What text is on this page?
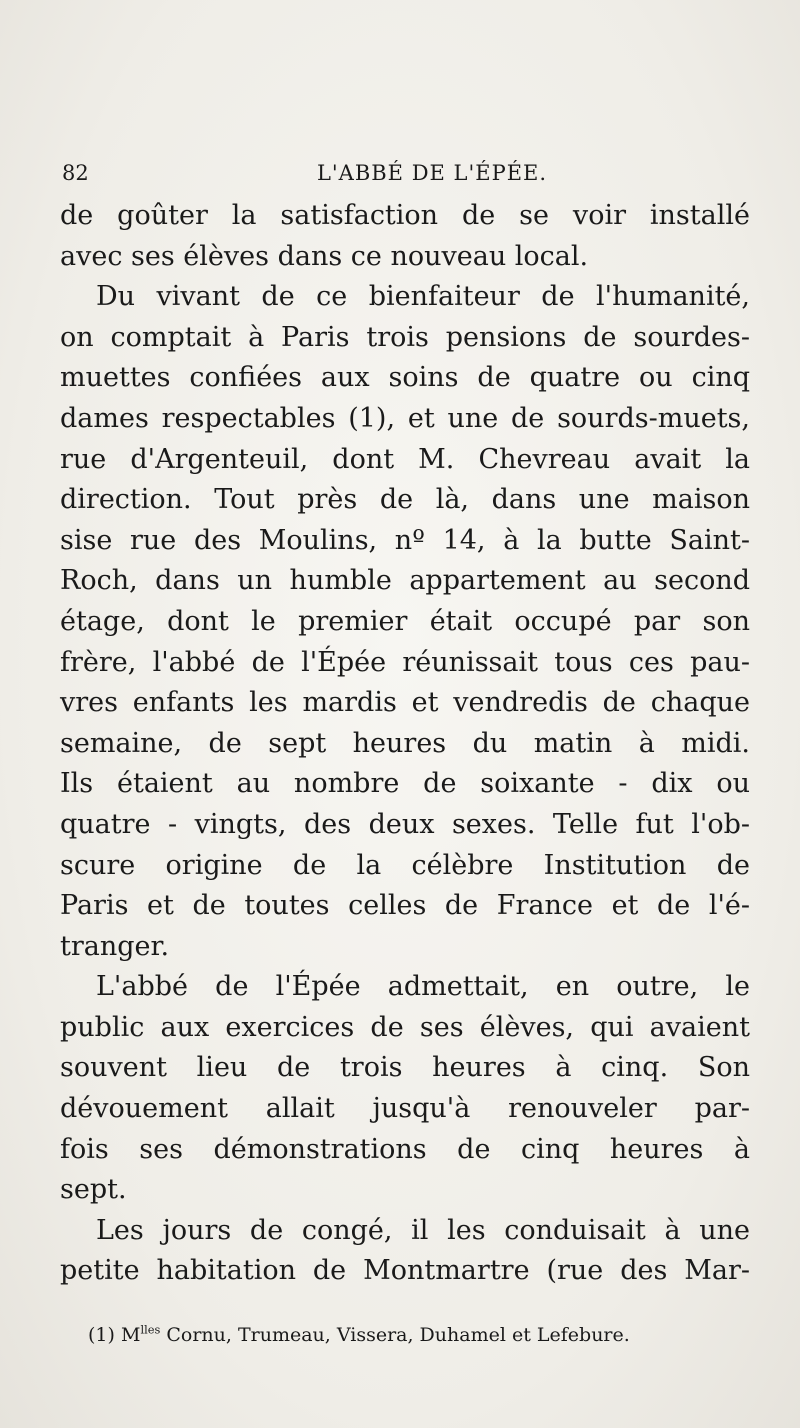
82	L'ABBÉ DE L'ÉPÉE.
de goûter la satisfaction de se voir installé
avec ses élèves dans ce nouveau local.
Du vivant de ce bienfaiteur de l'humanité,
on comptait à Paris trois pensions de sourdes-
muettes confiées aux soins de quatre ou cinq
dames respectables (1), et une de sourds-muets,
rue d'Argenteuil, dont M. Chevreau avait la
direction. Tout près de là, dans une maison
sise rue des Moulins, nº 14, à la butte Saint-
Roch, dans un humble appartement au second
étage, dont le premier était occupé par son
frère, l'abbé de l'Épée réunissait tous ces pau-
vres enfants les mardis et vendredis de chaque
semaine, de sept heures du matin à midi.
Ils étaient au nombre de soixante - dix ou
quatre - vingts, des deux sexes. Telle fut l'ob-
scure origine de la célèbre Institution de
Paris et de toutes celles de France et de l'é-
tranger.
L'abbé de l'Épée admettait, en outre, le
public aux exercices de ses élèves, qui avaient
souvent lieu de trois heures à cinq. Son
dévouement allait jusqu'à renouveler par-
fois ses démonstrations de cinq heures à
sept.
Les jours de congé, il les conduisait à une
petite habitation de Montmartre (rue des Mar-
(1) $M^{lles}$ Cornu, Trumeau, Vissera, Duhamel et Lefebure.
